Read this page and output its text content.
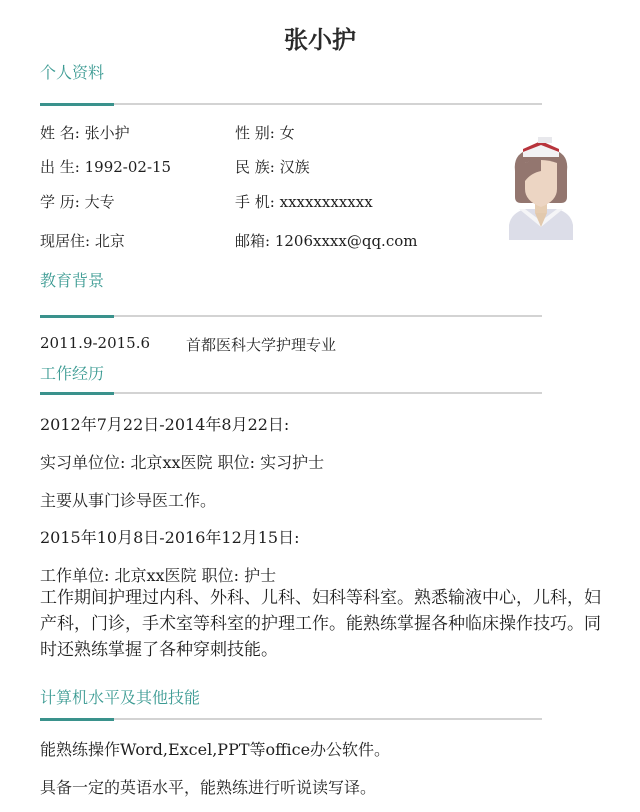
张小护
个人资料
姓 名: 张小护	性 别: 女
出 生: 1992-02-15	民 族: 汉族
学 历: 大专	手 机: xxxxxxxxxxx
现居住: 北京	邮箱: 1206xxxx@qq.com
教育背景
2011.9-2015.6 首都医科大学护理专业
工作经历
2012年7月22日-2014年8月22日:
实习单位位: 北京xx医院 职位: 实习护士
主要从事门诊导医工作。
2015年10月8日-2016年12月15日:
工作单位: 北京xx医院 职位: 护士
工作期间护理过内科、外科、儿科、妇科等科室。熟悉输液中心，儿科，妇产科，门诊，手术室等科室的护理工作。能熟练掌握各种临床操作技巧。同时还熟练掌握了各种穿刺技能。
计算机水平及其他技能
能熟练操作Word,Excel,PPT等office办公软件。
具备一定的英语水平，能熟练进行听说读写译。
